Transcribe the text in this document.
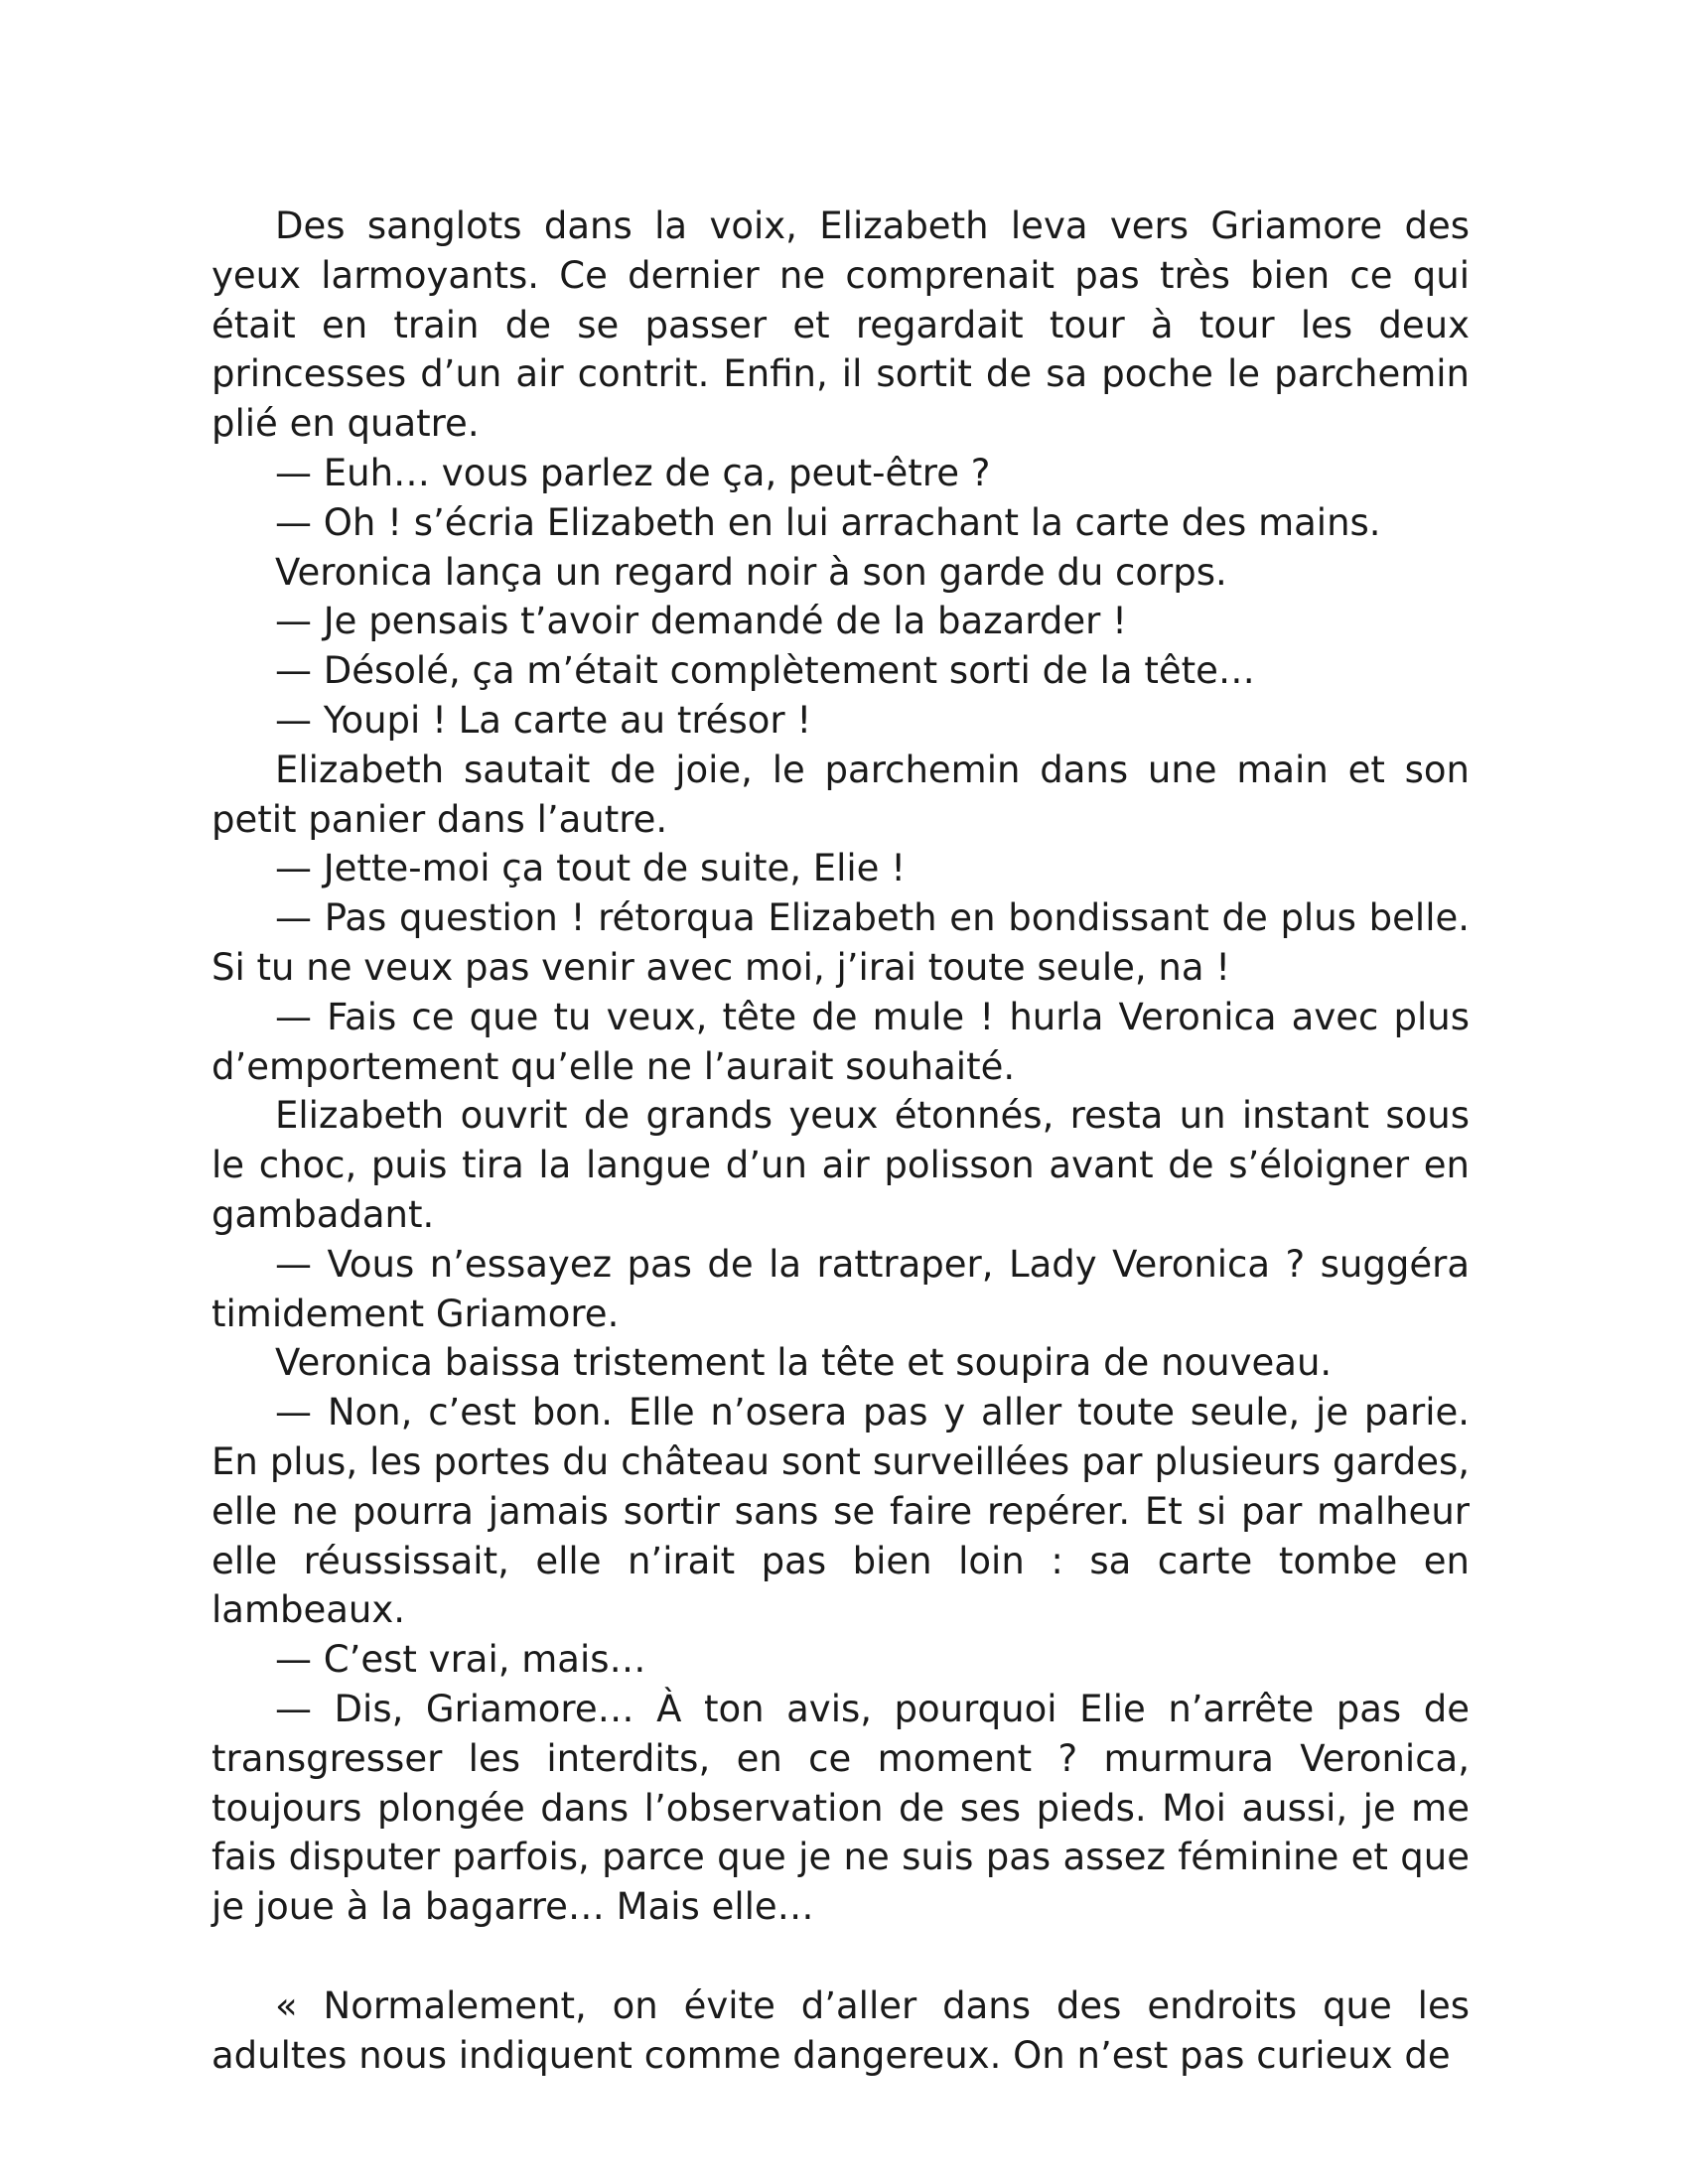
Des sanglots dans la voix, Elizabeth leva vers Griamore des yeux larmoyants. Ce dernier ne comprenait pas très bien ce qui était en train de se passer et regardait tour à tour les deux princesses d’un air contrit. Enfin, il sortit de sa poche le parchemin plié en quatre.

— Euh… vous parlez de ça, peut-être ?

— Oh ! s’écria Elizabeth en lui arrachant la carte des mains.

Veronica lança un regard noir à son garde du corps.

— Je pensais t’avoir demandé de la bazarder !

— Désolé, ça m’était complètement sorti de la tête…

— Youpi ! La carte au trésor !

Elizabeth sautait de joie, le parchemin dans une main et son petit panier dans l’autre.

— Jette-moi ça tout de suite, Elie !

— Pas question ! rétorqua Elizabeth en bondissant de plus belle. Si tu ne veux pas venir avec moi, j’irai toute seule, na !

— Fais ce que tu veux, tête de mule ! hurla Veronica avec plus d’emportement qu’elle ne l’aurait souhaité.

Elizabeth ouvrit de grands yeux étonnés, resta un instant sous le choc, puis tira la langue d’un air polisson avant de s’éloigner en gambadant.

— Vous n’essayez pas de la rattraper, Lady Veronica ? suggéra timidement Griamore.

Veronica baissa tristement la tête et soupira de nouveau.

— Non, c’est bon. Elle n’osera pas y aller toute seule, je parie. En plus, les portes du château sont surveillées par plusieurs gardes, elle ne pourra jamais sortir sans se faire repérer. Et si par malheur elle réussissait, elle n’irait pas bien loin : sa carte tombe en lambeaux.

— C’est vrai, mais…

— Dis, Griamore… À ton avis, pourquoi Elie n’arrête pas de transgresser les interdits, en ce moment ? murmura Veronica, toujours plongée dans l’observation de ses pieds. Moi aussi, je me fais disputer parfois, parce que je ne suis pas assez féminine et que je joue à la bagarre… Mais elle…

« Normalement, on évite d’aller dans des endroits que les adultes nous indiquent comme dangereux. On n’est pas curieux de
